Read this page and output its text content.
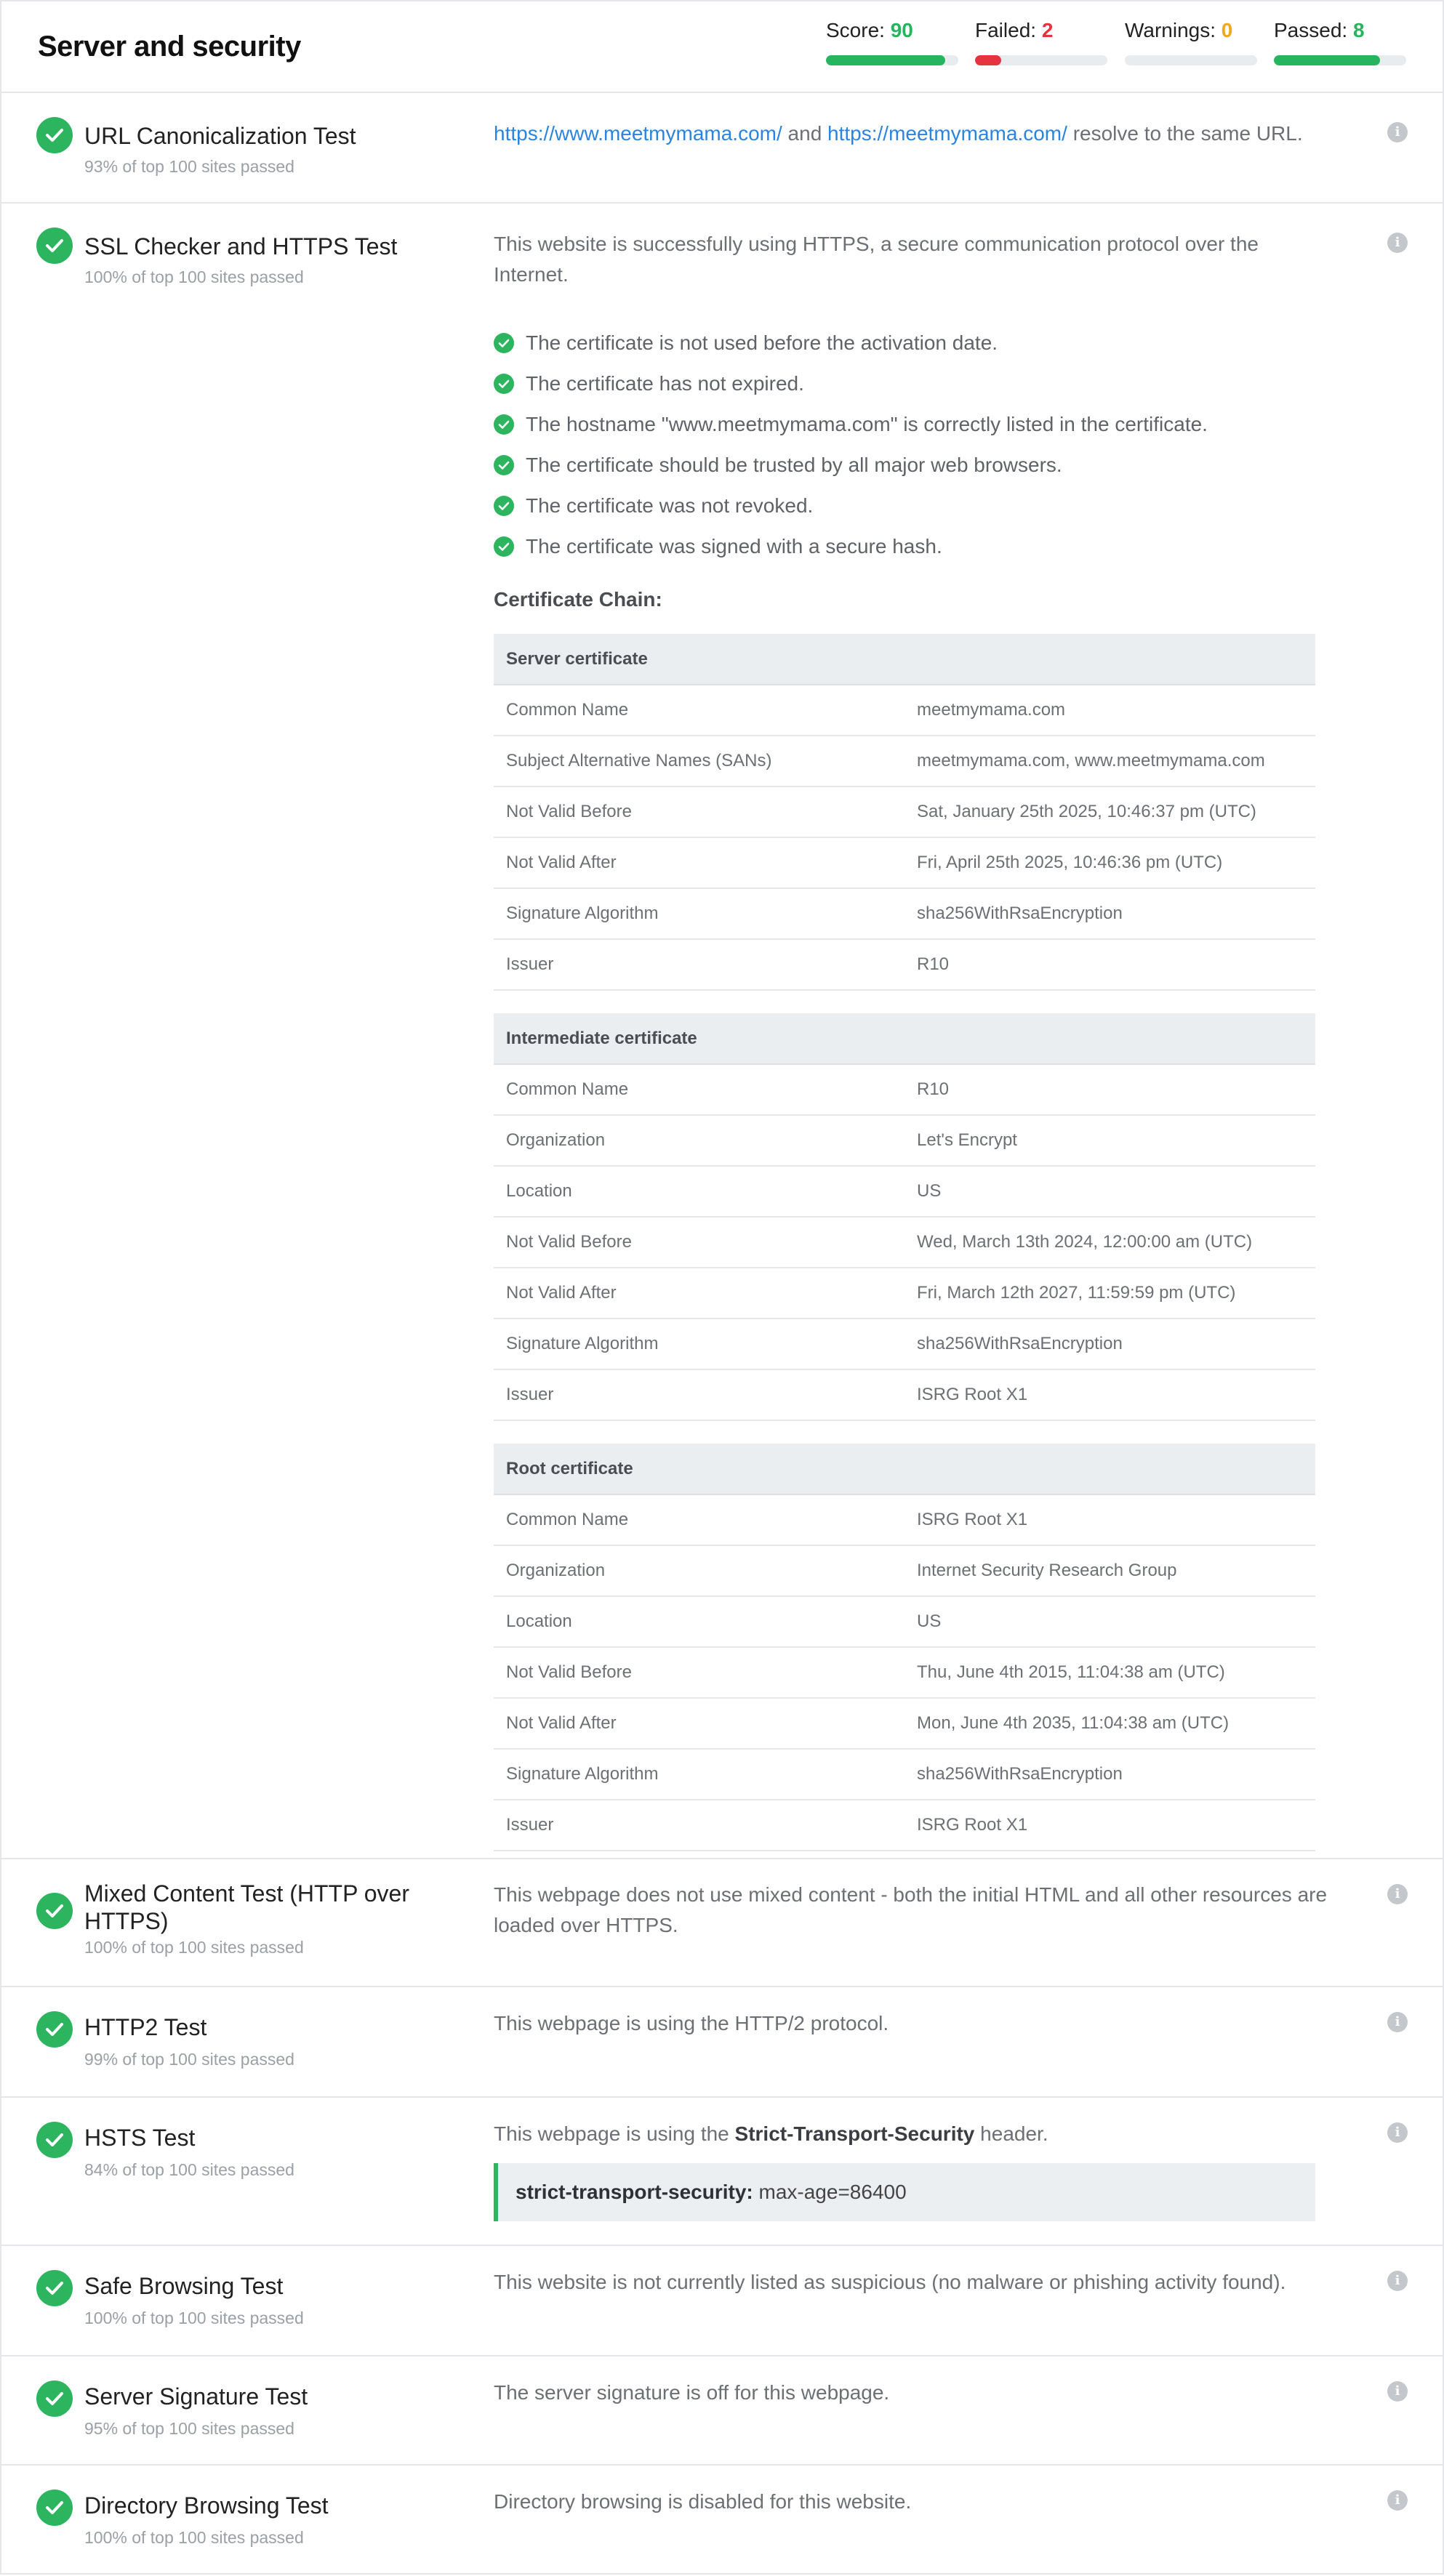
Server and security
Score: 90	Failed: 2	Warnings: 0	Passed: 8
URL Canonicalization Test
93% of top 100 sites passed
https://www.meetmymama.com/ and https://meetmymama.com/ resolve to the same URL.	i
SSL Checker and HTTPS Test
100% of top 100 sites passed
This website is successfully using HTTPS, a secure communication protocol over the Internet.
i
The certificate is not used before the activation date.
The certificate has not expired.
The hostname "www.meetmymama.com" is correctly listed in the certificate.
The certificate should be trusted by all major web browsers.
The certificate was not revoked.
The certificate was signed with a secure hash.
Certificate Chain:
Server certificate	
Common Name	meetmymama.com
Subject Alternative Names (SANs)	meetmymama.com, www.meetmymama.com
Not Valid Before	Sat, January 25th 2025, 10:46:37 pm (UTC)
Not Valid After	Fri, April 25th 2025, 10:46:36 pm (UTC)
Signature Algorithm	sha256WithRsaEncryption
Issuer	R10

Intermediate certificate	
Common Name	R10
Organization	Let's Encrypt
Location	US
Not Valid Before	Wed, March 13th 2024, 12:00:00 am (UTC)
Not Valid After	Fri, March 12th 2027, 11:59:59 pm (UTC)
Signature Algorithm	sha256WithRsaEncryption
Issuer	ISRG Root X1

Root certificate	
Common Name	ISRG Root X1
Organization	Internet Security Research Group
Location	US
Not Valid Before	Thu, June 4th 2015, 11:04:38 am (UTC)
Not Valid After	Mon, June 4th 2035, 11:04:38 am (UTC)
Signature Algorithm	sha256WithRsaEncryption
Issuer	ISRG Root X1
Mixed Content Test (HTTP over HTTPS)
100% of top 100 sites passed
This webpage does not use mixed content - both the initial HTML and all other resources are loaded over HTTPS.
i
HTTP2 Test
99% of top 100 sites passed
This webpage is using the HTTP/2 protocol.	i
HSTS Test
84% of top 100 sites passed
This webpage is using the Strict-Transport-Security header.	i
strict-transport-security: max-age=86400
Safe Browsing Test
100% of top 100 sites passed
This website is not currently listed as suspicious (no malware or phishing activity found).	i
Server Signature Test
95% of top 100 sites passed
The server signature is off for this webpage.	i
Directory Browsing Test
100% of top 100 sites passed
Directory browsing is disabled for this website.	i
